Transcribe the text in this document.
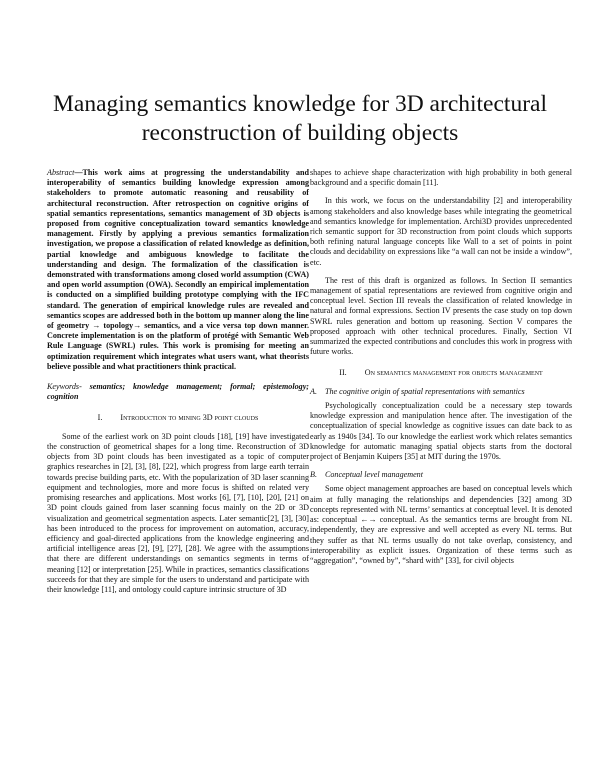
Managing semantics knowledge for 3D architectural reconstruction of building objects

Abstract—This work aims at progressing the understandability and interoperability of semantics building knowledge expression among stakeholders to promote automatic reasoning and reusability of architectural reconstruction. After retrospection on cognitive origins of spatial semantics representations, semantics management of 3D objects is proposed from cognitive conceptualization toward semantics knowledge management. Firstly by applying a previous semantics formalization investigation, we propose a classification of related knowledge as definition, partial knowledge and ambiguous knowledge to facilitate the understanding and design. The formalization of the classification is demonstrated with transformations among closed world assumption (CWA) and open world assumption (OWA). Secondly an empirical implementation is conducted on a simplified building prototype complying with the IFC standard. The generation of empirical knowledge rules are revealed and semantics scopes are addressed both in the bottom up manner along the line of geometry → topology→ semantics, and a vice versa top down manner. Concrete implementation is on the platform of protégé with Semantic Web Rule Language (SWRL) rules. This work is promising for meeting an optimization requirement which integrates what users want, what theorists believe possible and what practitioners think practical.

Keywords- semantics; knowledge management; formal; epistemology; cognition

I. Introduction to mining 3D point clouds

Some of the earliest work on 3D point clouds [18], [19] have investigated the construction of geometrical shapes for a long time. Reconstruction of 3D objects from 3D point clouds has been investigated as a topic of computer graphics researches in [2], [3], [8], [22], which progress from large earth terrain towards precise building parts, etc. With the popularization of 3D laser scanning equipment and technologies, more and more focus is shifted on related very promising researches and applications. Most works [6], [7], [10], [20], [21] on 3D point clouds gained from laser scanning focus mainly on the 2D or 3D visualization and geometrical segmentation aspects. Later semantic[2], [3], [30] has been introduced to the process for improvement on automation, accuracy, efficiency and goal-directed applications from the knowledge engineering and artificial intelligence areas [2], [9], [27], [28]. We agree with the assumptions that there are different understandings on semantics segments in terms of meaning [12] or interpretation [25]. While in practices, semantics classifications succeeds for that they are simple for the users to understand and participate with their knowledge [11], and ontology could capture intrinsic structure of 3D

shapes to achieve shape characterization with high probability in both general background and a specific domain [11].

In this work, we focus on the understandability [2] and interoperability among stakeholders and also knowledge bases while integrating the geometrical and semantics knowledge for implementation. Archi3D provides unprecedented rich semantic support for 3D reconstruction from point clouds which supports both refining natural language concepts like Wall to a set of points in point clouds and decidability on expressions like “a wall can not be inside a window”, etc.

The rest of this draft is organized as follows. In Section II semantics management of spatial representations are reviewed from cognitive origin and conceptual level. Section III reveals the classification of related knowledge in natural and formal expressions. Section IV presents the case study on top down SWRL rules generation and bottom up reasoning. Section V compares the proposed approach with other technical procedures. Finally, Section VI summarized the expected contributions and concludes this work in progress with future works.

II. On semantics management for objects management
A. The cognitive origin of spatial representations with semantics

Psychologically conceptualization could be a necessary step towards knowledge expression and manipulation hence after. The investigation of the conceptualization of special knowledge as cognitive issues can date back to as early as 1940s [34]. To our knowledge the earliest work which relates semantics knowledge for automatic managing spatial objects starts from the doctoral project of Benjamin Kuipers [35] at MIT during the 1970s.

B. Conceptual level management

Some object management approaches are based on conceptual levels which aim at fully managing the relationships and dependencies [32] among 3D concepts represented with NL terms’ semantics at conceptual level. It is denoted as: conceptual ←→ conceptual. As the semantics terms are brought from NL independently, they are expressive and well accepted as every NL terms. But they suffer as that NL terms usually do not take overlap, consistency, and interoperability as explicit issues. Organization of these terms such as “aggregation”, “owned by”, “shard with” [33], for civil objects
